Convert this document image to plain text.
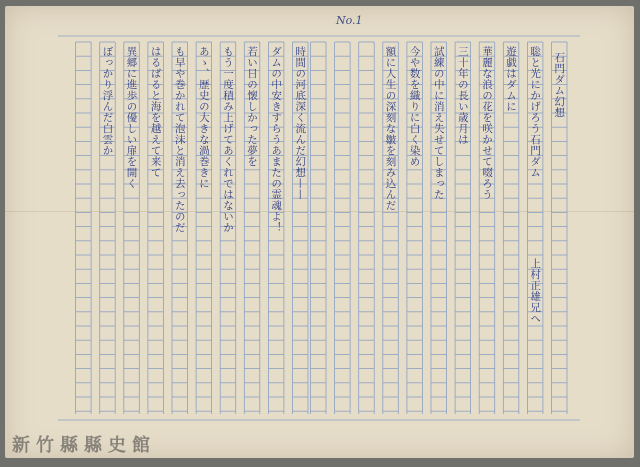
No.1
石門ダム幻想
上村正雄兄へ
聡と光にかげろう石門ダム
遊戯はダムに
華麗な浪の花を咲かせて啜ろう
三十年の長い歳月は
試練の中に消え失せてしまった
今や数を織りに白く染め
額に人生の深刻な皺を刻み込んだ
時間の河底深く流んだ幻想——
ダムの中安きすらうあまたの霊魂よ！
若い日の懐しかった夢を
もう一度積み上げてあくれではないか
あゝ、歴史の大きな渦巻きに
も早や巻かれて泡沫と消え去ったのだ
はるばると海を越えて来て
異郷に進歩の優しい扉を開く
ぼっかり浮んだ白雲か
新竹縣縣史館
